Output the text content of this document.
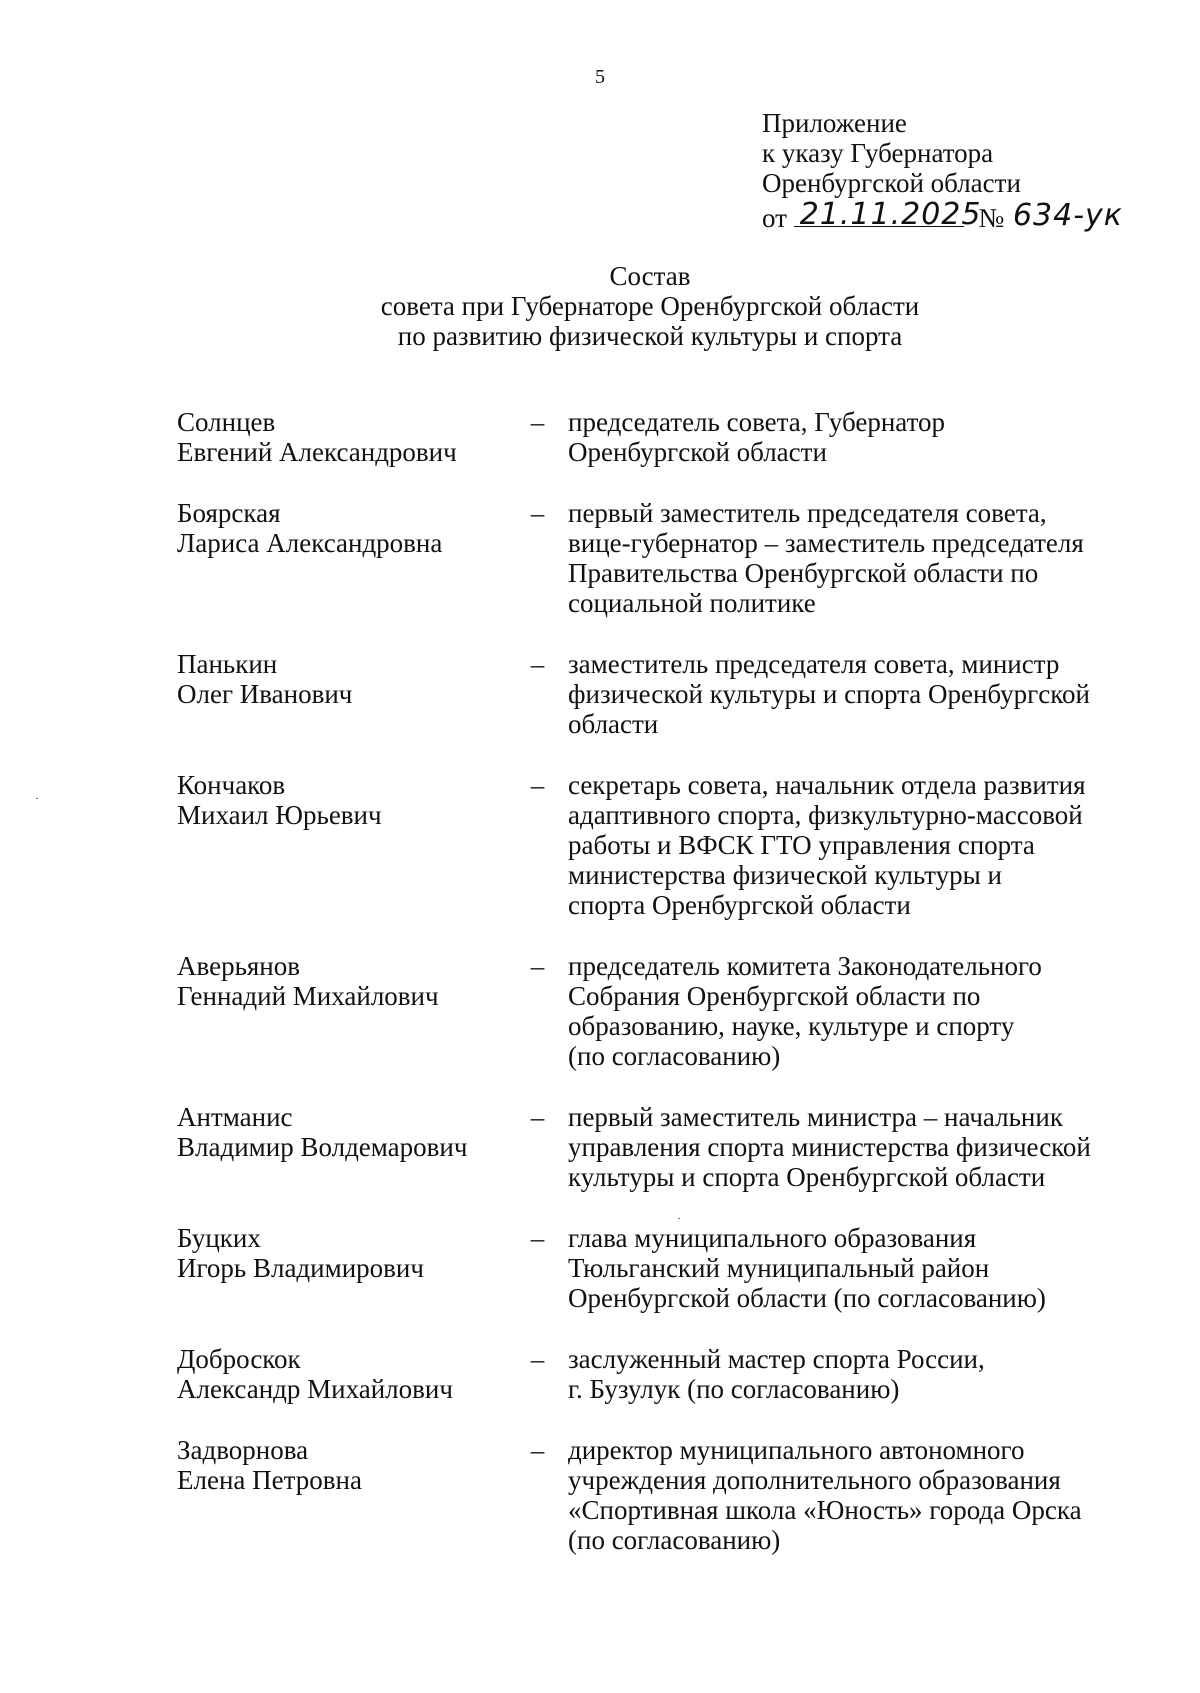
5
Приложение
к указу Губернатора
Оренбургской области
от 21.11.2025
№ 634-ук
Состав
совета при Губернаторе Оренбургской области
по развитию физической культуры и спорта
Солнцев
Евгений Александрович
– председатель совета, Губернатор
Оренбургской области
Боярская
Лариса Александровна
– первый заместитель председателя совета,
вице-губернатор – заместитель председателя
Правительства Оренбургской области по
социальной политике
Панькин
Олег Иванович
– заместитель председателя совета, министр
физической культуры и спорта Оренбургской
области
Кончаков
Михаил Юрьевич
– секретарь совета, начальник отдела развития
адаптивного спорта, физкультурно-массовой
работы и ВФСК ГТО управления спорта
министерства физической культуры и
спорта Оренбургской области
Аверьянов
Геннадий Михайлович
– председатель комитета Законодательного
Собрания Оренбургской области по
образованию, науке, культуре и спорту
(по согласованию)
Антманис
Владимир Волдемарович
– первый заместитель министра – начальник
управления спорта министерства физической
культуры и спорта Оренбургской области
Буцких
Игорь Владимирович
– глава муниципального образования
Тюльганский муниципальный район
Оренбургской области (по согласованию)
Доброскок
Александр Михайлович
– заслуженный мастер спорта России,
г. Бузулук (по согласованию)
Задворнова
Елена Петровна
– директор муниципального автономного
учреждения дополнительного образования
«Спортивная школа «Юность» города Орска
(по согласованию)
